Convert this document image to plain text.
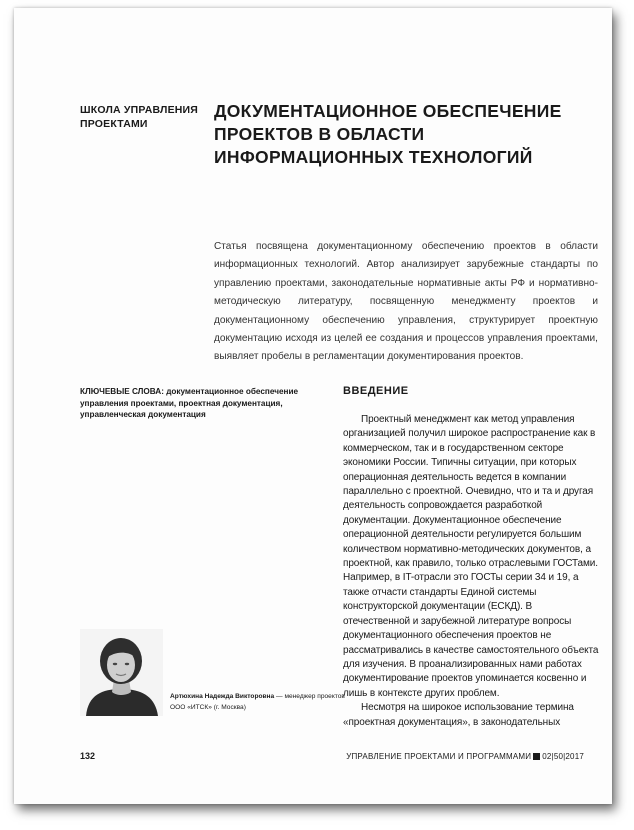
ШКОЛА УПРАВЛЕНИЯ ПРОЕКТАМИ
ДОКУМЕНТАЦИОННОЕ ОБЕСПЕЧЕНИЕ ПРОЕКТОВ В ОБЛАСТИ ИНФОРМАЦИОННЫХ ТЕХНОЛОГИЙ
Статья посвящена документационному обеспечению проектов в области информационных технологий. Автор анализирует зарубежные стандарты по управлению проектами, законодательные нормативные акты РФ и нормативно-методическую литературу, посвященную менеджменту проектов и документационному обеспечению управления, структурирует проектную документацию исходя из целей ее создания и процессов управления проектами, выявляет пробелы в регламентации документирования проектов.
КЛЮЧЕВЫЕ СЛОВА: документационное обеспечение управления проектами, проектная документация, управленческая документация
ВВЕДЕНИЕ

Проектный менеджмент как метод управления организацией получил широкое распространение как в коммерческом, так и в государственном секторе экономики России. Типичны ситуации, при которых операционная деятельность ведется в компании параллельно с проектной. Очевидно, что и та и другая деятельность сопровождается разработкой документации. Документационное обеспечение операционной деятельности регулируется большим количеством нормативно-методических документов, а проектной, как правило, только отраслевыми ГОСТами. Например, в IT-отрасли это ГОСТы серии 34 и 19, а также отчасти стандарты Единой системы конструкторской документации (ЕСКД). В отечественной и зарубежной литературе вопросы документационного обеспечения проектов не рассматривались в качестве самостоятельного объекта для изучения. В проанализированных нами работах документирование проектов упоминается косвенно и лишь в контексте других проблем.

Несмотря на широкое использование термина «проектная документация», в законодательных

Артюхина Надежда Викторовна — менеджер проектов ООО «ИТСК» (г. Москва)
132	УПРАВЛЕНИЕ ПРОЕКТАМИ И ПРОГРАММАМИ 02|50|2017
